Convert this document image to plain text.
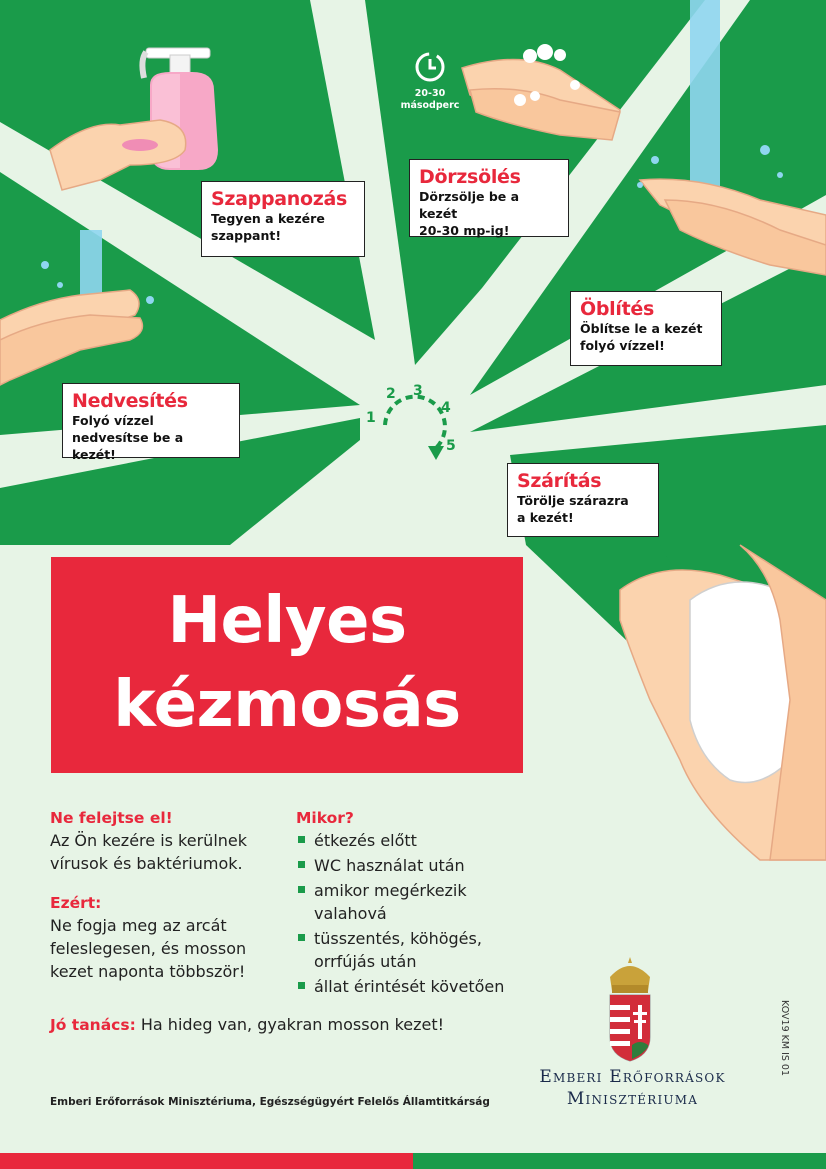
20-30
másodperc
1
2 3
4
5
Szappanozás
Tegyen a kezére
szappant!
Dörzsölés
Dörzsölje be a kezét
20-30 mp-ig!
Öblítés
Öblítse le a kezét
folyó vízzel!
Nedvesítés
Folyó vízzel
nedvesítse be a kezét!
Szárítás
Törölje szárazra
a kezét!
Helyes
kézmosás
Ne felejtse el!
Az Ön kezére is kerülnek
vírusok és baktériumok.
Ezért:
Ne fogja meg az arcát
feleslegesen, és mosson
kezet naponta többször!
Mikor?
étkezés előtt
WC használat után
amikor megérkezik
valahová
tüsszentés, köhögés,
orrfújás után
állat érintését követően
Jó tanács: Ha hideg van, gyakran mosson kezet!	KOV19 KM IS 01
Emberi Erőforrások
Minisztériuma
Emberi Erőforrások Minisztériuma, Egészségügyért Felelős Államtitkárság
